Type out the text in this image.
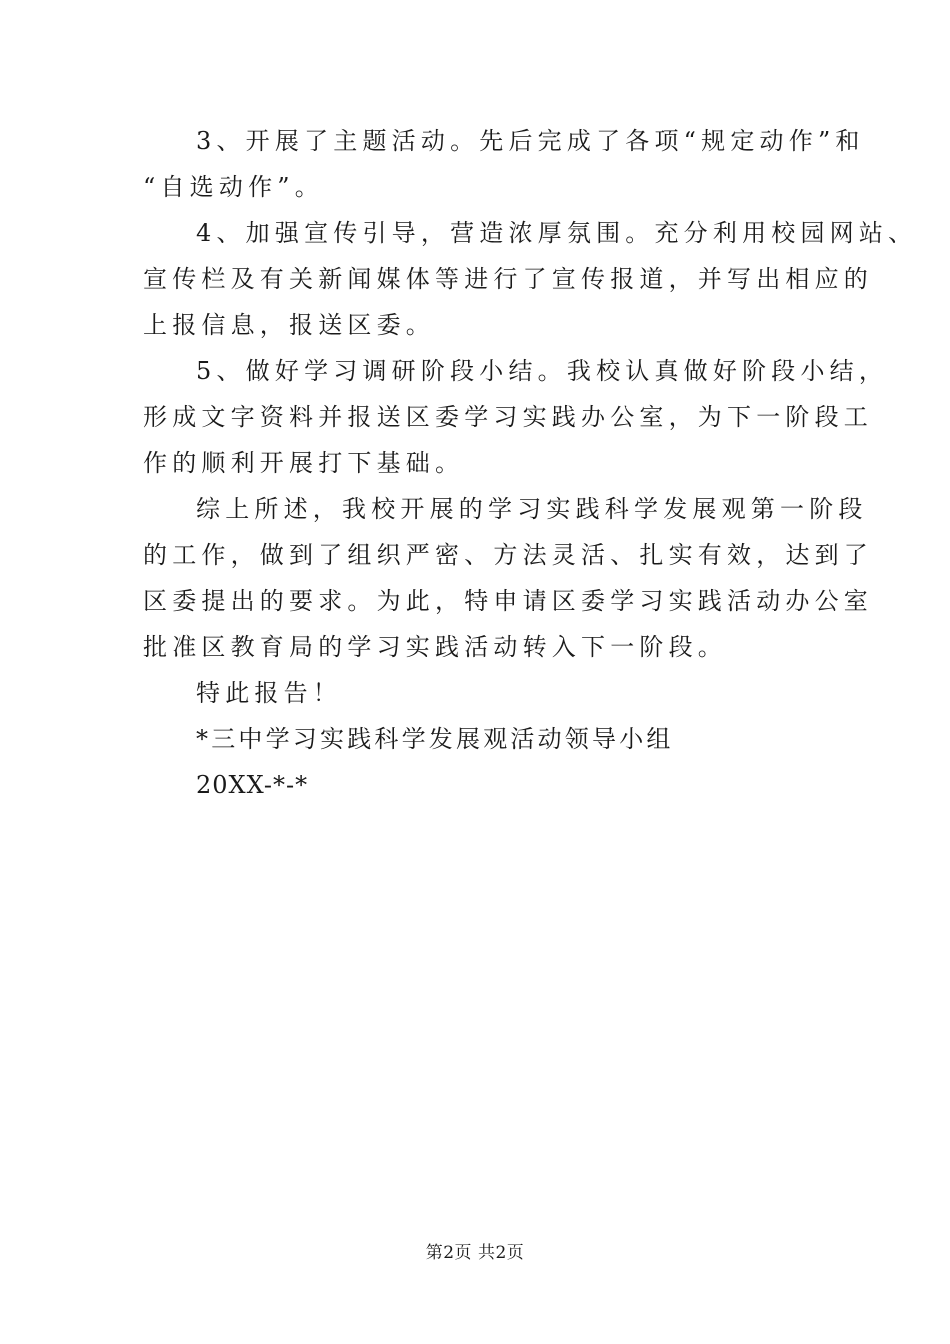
3、开展了主题活动。先后完成了各项“规定动作”和
“自选动作”。
4、加强宣传引导，营造浓厚氛围。充分利用校园网站、
宣传栏及有关新闻媒体等进行了宣传报道，并写出相应的
上报信息，报送区委。
5、做好学习调研阶段小结。我校认真做好阶段小结，
形成文字资料并报送区委学习实践办公室，为下一阶段工
作的顺利开展打下基础。
综上所述，我校开展的学习实践科学发展观第一阶段
的工作，做到了组织严密、方法灵活、扎实有效，达到了
区委提出的要求。为此，特申请区委学习实践活动办公室
批准区教育局的学习实践活动转入下一阶段。
特此报告！
*三中学习实践科学发展观活动领导小组
20XX-*-*
第2页 共2页
